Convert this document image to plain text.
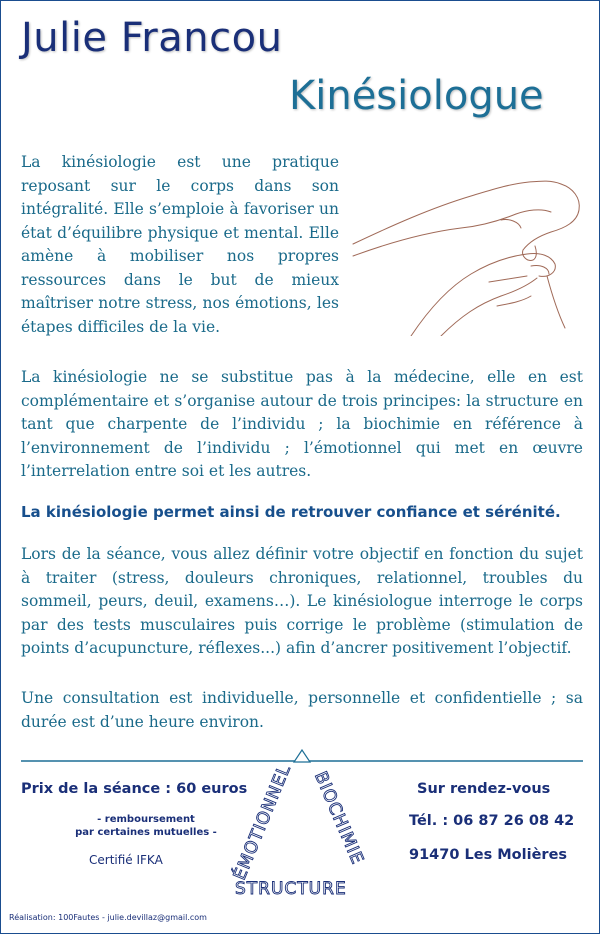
Julie Francou
Kinésiologue

La kinésiologie est une pratique reposant sur le corps dans son intégralité. Elle s’emploie à favoriser un état d’équilibre physique et mental. Elle amène à mobiliser nos propres ressources dans le but de mieux maîtriser notre stress, nos émotions, les étapes difficiles de la vie.

La kinésiologie ne se substitue pas à la médecine, elle en est complémentaire et s’organise autour de trois principes: la structure en tant que charpente de l’individu ; la biochimie en référence à l’environnement de l’individu ; l’émotionnel qui met en œuvre l’interrelation entre soi et les autres.

La kinésiologie permet ainsi de retrouver confiance et sérénité.

Lors de la séance, vous allez définir votre objectif en fonction du sujet à traiter (stress, douleurs chroniques, relationnel, troubles du sommeil, peurs, deuil, examens…). Le kinésiologue interroge le corps par des tests musculaires puis corrige le problème (stimulation de points d’acupuncture, réflexes...) afin d’ancrer positivement l’objectif.

Une consultation est individuelle, personnelle et confidentielle ; sa durée est d’une heure environ.

ÉMOTIONNEL BIOCHIMIE
STRUCTURE

Prix de la séance : 60 euros

- remboursement
par certaines mutuelles -

Certifié IFKA

Sur rendez-vous
Tél. : 06 87 26 08 42
91470 Les Molières

Réalisation: 100Fautes - julie.devillaz@gmail.com
